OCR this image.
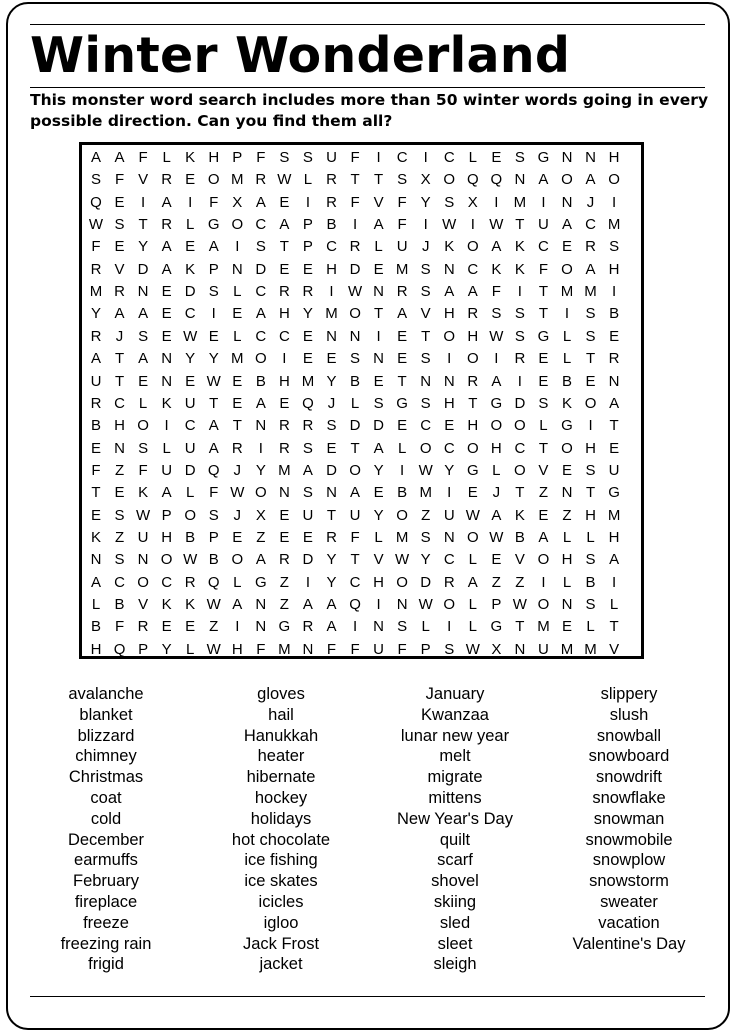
Winter Wonderland

This monster word search includes more than 50 winter words going in every possible direction. Can you find them all?

A A F L K H P F S S U F	I	C	I	C L E S G N N H
S F V R E O M R W L R T T S X O Q Q N A O A O
Q E	I	A	I	F X A E	I	R F V F Y S X	I	M	I	N J	I
W S T R L G O C A P B	I	A F	I W I W T U A C M
F E Y A E A	I	S T P C R L U J K O A K C E R S
R V D A K P N D E E H D E M S N C K K F O A H
M R N E D S L C R R	I W N R S A A F	I	T M M	I
Y A A E C	I	E A H Y M O T A V H R S S T	I	S B
R J S E W E L C C E N N	I	E T O H W S G L S E
A T A N Y Y M O	I	E E S N E S	I	O	I	R E L T R
U T E N E W E B H M Y B E T N N R A	I	E B E N
R C L K U T E A E Q J	L S G S H T G D S K O A
B H O	I	C A T N R R S D D E C E H O O L G	I	T
E N S L U A R	I	R S E T A L O C O H C T O H E
F Z F U D Q J Y M A D O Y	I W Y G L O V E S U
T E K A L F W O N S N A E B M	I	E J	T Z N T G
E S W P O S J X E U T U Y O Z U W A K E Z H M
K Z U H B P E Z E E R F L M S N O W B A L	L H
N S N O W B O A R D Y T V W Y C L E V O H S A
A C O C R Q L G Z	I	Y C H O D R A Z Z	I	L B	I
L B V K K W A N Z A A Q	I	N W O L P W O N S L
B F R E E Z	I	N G R A	I	N S L	I	L G T M E L T
H Q P Y L W H F M N F F U F P S W X N U M M V
avalanche
blanket
blizzard
chimney
Christmas
coat
cold
December
earmuffs
February
fireplace
freeze
freezing rain
frigid
gloves
hail
Hanukkah
heater
hibernate
hockey
holidays
hot chocolate
ice fishing
ice skates
icicles
igloo
Jack Frost
jacket
January
Kwanzaa
lunar new year
melt
migrate
mittens
New Year's Day
quilt
scarf
shovel
skiing
sled
sleet
sleigh
slippery
slush
snowball
snowboard
snowdrift
snowflake
snowman
snowmobile
snowplow
snowstorm
sweater
vacation
Valentine's Day
